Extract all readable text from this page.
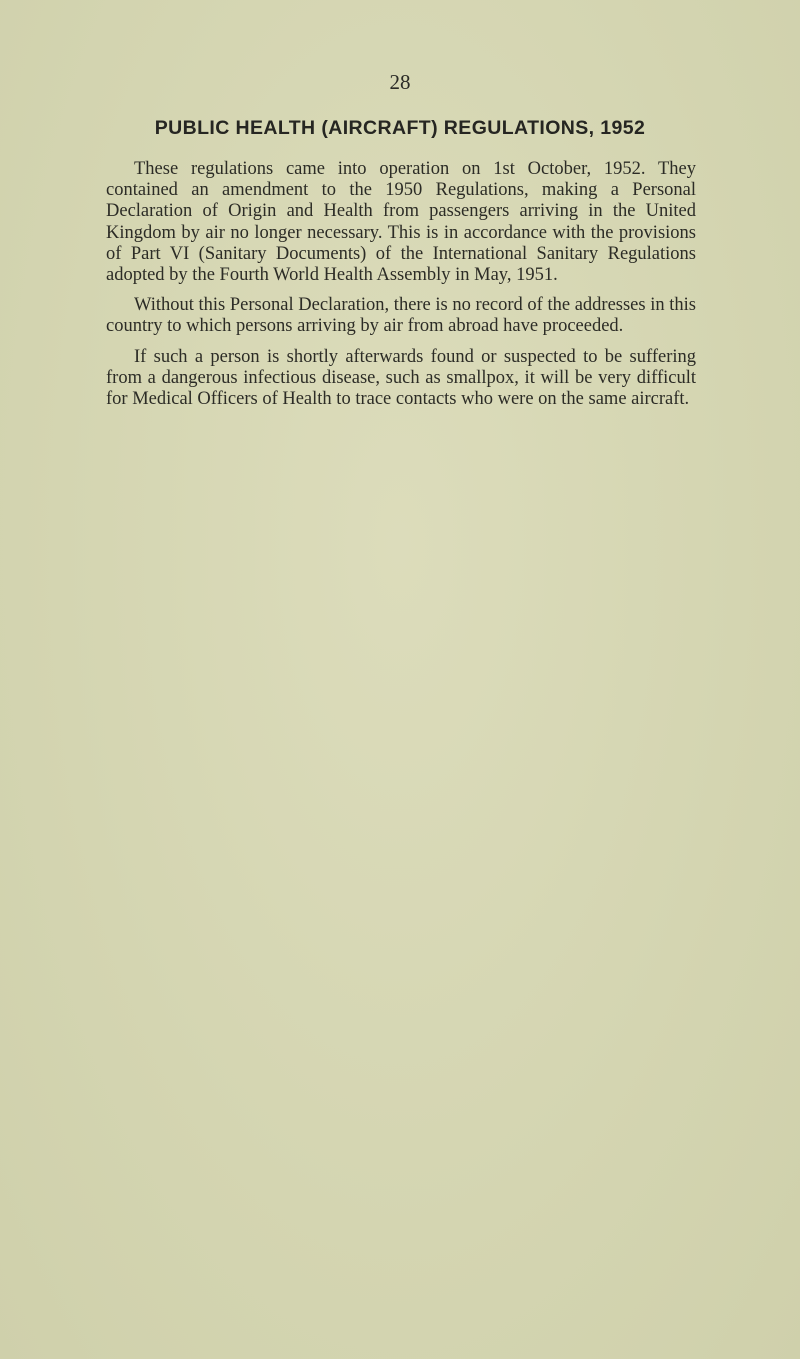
28
PUBLIC HEALTH (AIRCRAFT) REGULATIONS, 1952

These regulations came into operation on 1st October, 1952. They contained an amendment to the 1950 Regulations, making a Personal Declaration of Origin and Health from passengers arriving in the United Kingdom by air no longer necessary. This is in accordance with the provisions of Part VI (Sanitary Documents) of the International Sanitary Regulations adopted by the Fourth World Health Assembly in May, 1951.

Without this Personal Declaration, there is no record of the addresses in this country to which persons arriving by air from abroad have proceeded.

If such a person is shortly afterwards found or suspected to be suffering from a dangerous infectious disease, such as smallpox, it will be very difficult for Medical Officers of Health to trace contacts who were on the same aircraft.
